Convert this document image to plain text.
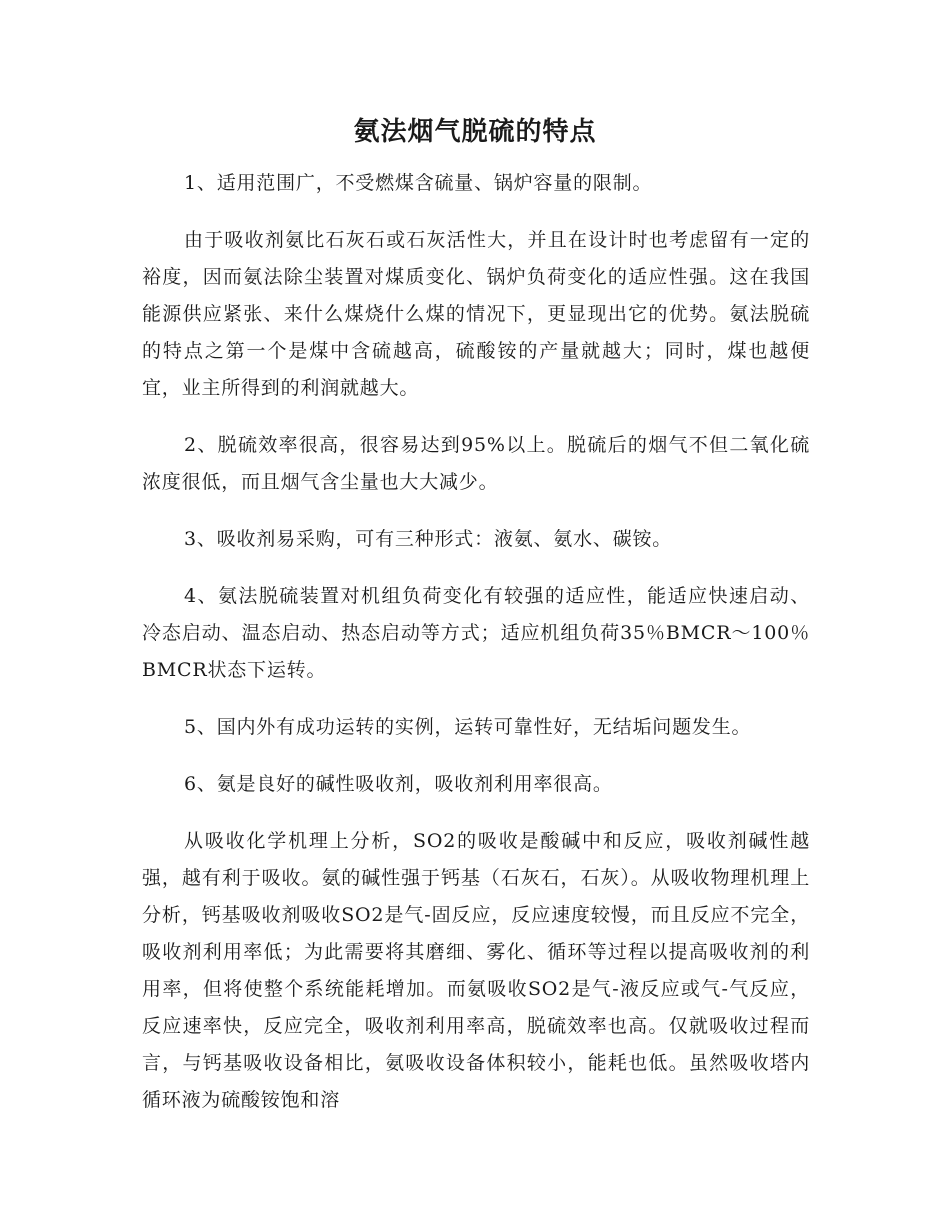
氨法烟气脱硫的特点

1、适用范围广，不受燃煤含硫量、锅炉容量的限制。

由于吸收剂氨比石灰石或石灰活性大，并且在设计时也考虑留有一定的裕度，因而氨法除尘装置对煤质变化、锅炉负荷变化的适应性强。这在我国能源供应紧张、来什么煤烧什么煤的情况下，更显现出它的优势。氨法脱硫的特点之第一个是煤中含硫越高，硫酸铵的产量就越大；同时，煤也越便宜，业主所得到的利润就越大。

2、脱硫效率很高，很容易达到95%以上。脱硫后的烟气不但二氧化硫浓度很低，而且烟气含尘量也大大减少。

3、吸收剂易采购，可有三种形式：液氨、氨水、碳铵。

4、氨法脱硫装置对机组负荷变化有较强的适应性，能适应快速启动、冷态启动、温态启动、热态启动等方式；适应机组负荷35％BMCR～100％BMCR状态下运转。

5、国内外有成功运转的实例，运转可靠性好，无结垢问题发生。

6、氨是良好的碱性吸收剂，吸收剂利用率很高。

从吸收化学机理上分析，SO2的吸收是酸碱中和反应，吸收剂碱性越强，越有利于吸收。氨的碱性强于钙基（石灰石，石灰）。从吸收物理机理上分析，钙基吸收剂吸收SO2是气-固反应，反应速度较慢，而且反应不完全，吸收剂利用率低；为此需要将其磨细、雾化、循环等过程以提高吸收剂的利用率，但将使整个系统能耗增加。而氨吸收SO2是气-液反应或气-气反应，反应速率快，反应完全，吸收剂利用率高，脱硫效率也高。仅就吸收过程而言，与钙基吸收设备相比，氨吸收设备体积较小，能耗也低。虽然吸收塔内循环液为硫酸铵饱和溶
